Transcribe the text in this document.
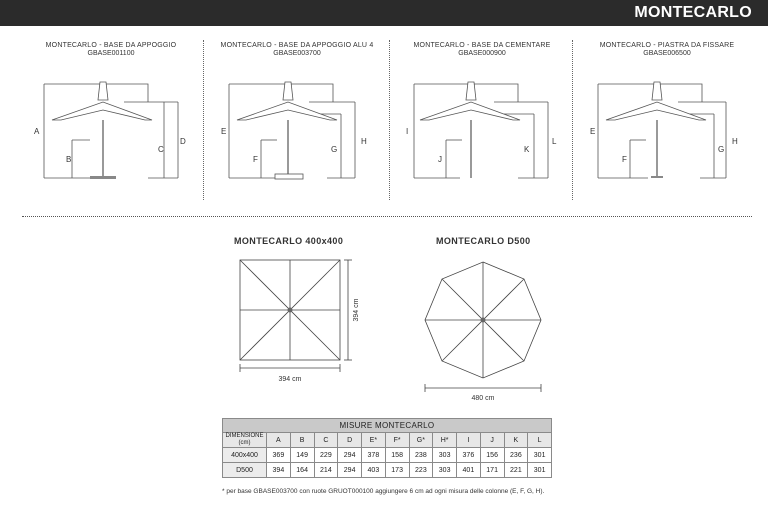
MONTECARLO
MONTECARLO - BASE DA APPOGGIO
GBASE001100
MONTECARLO - BASE DA APPOGGIO ALU 4
GBASE003700
MONTECARLO - BASE DA CEMENTARE
GBASE000900
MONTECARLO - PIASTRA DA FISSARE
GBASE006500
A
B
C
D
E
F
G
H
I
J
K
L
E
F
G
H
MONTECARLO 400x400	MONTECARLO D500
394 cm
394 cm
480 cm
MISURE MONTECARLO												
DIMENSIONE
(cm)	A	B	C	D	E*	F*	G*	H*	I	J	K	L
400x400	369	149	229	294	378	158	238	303	376	156	236	301
D500	394	164	214	294	403	173	223	303	401	171	221	301
* per base GBASE003700 con ruote GRUOT000100 aggiungere 6 cm ad ogni misura delle colonne (E, F, G, H).
